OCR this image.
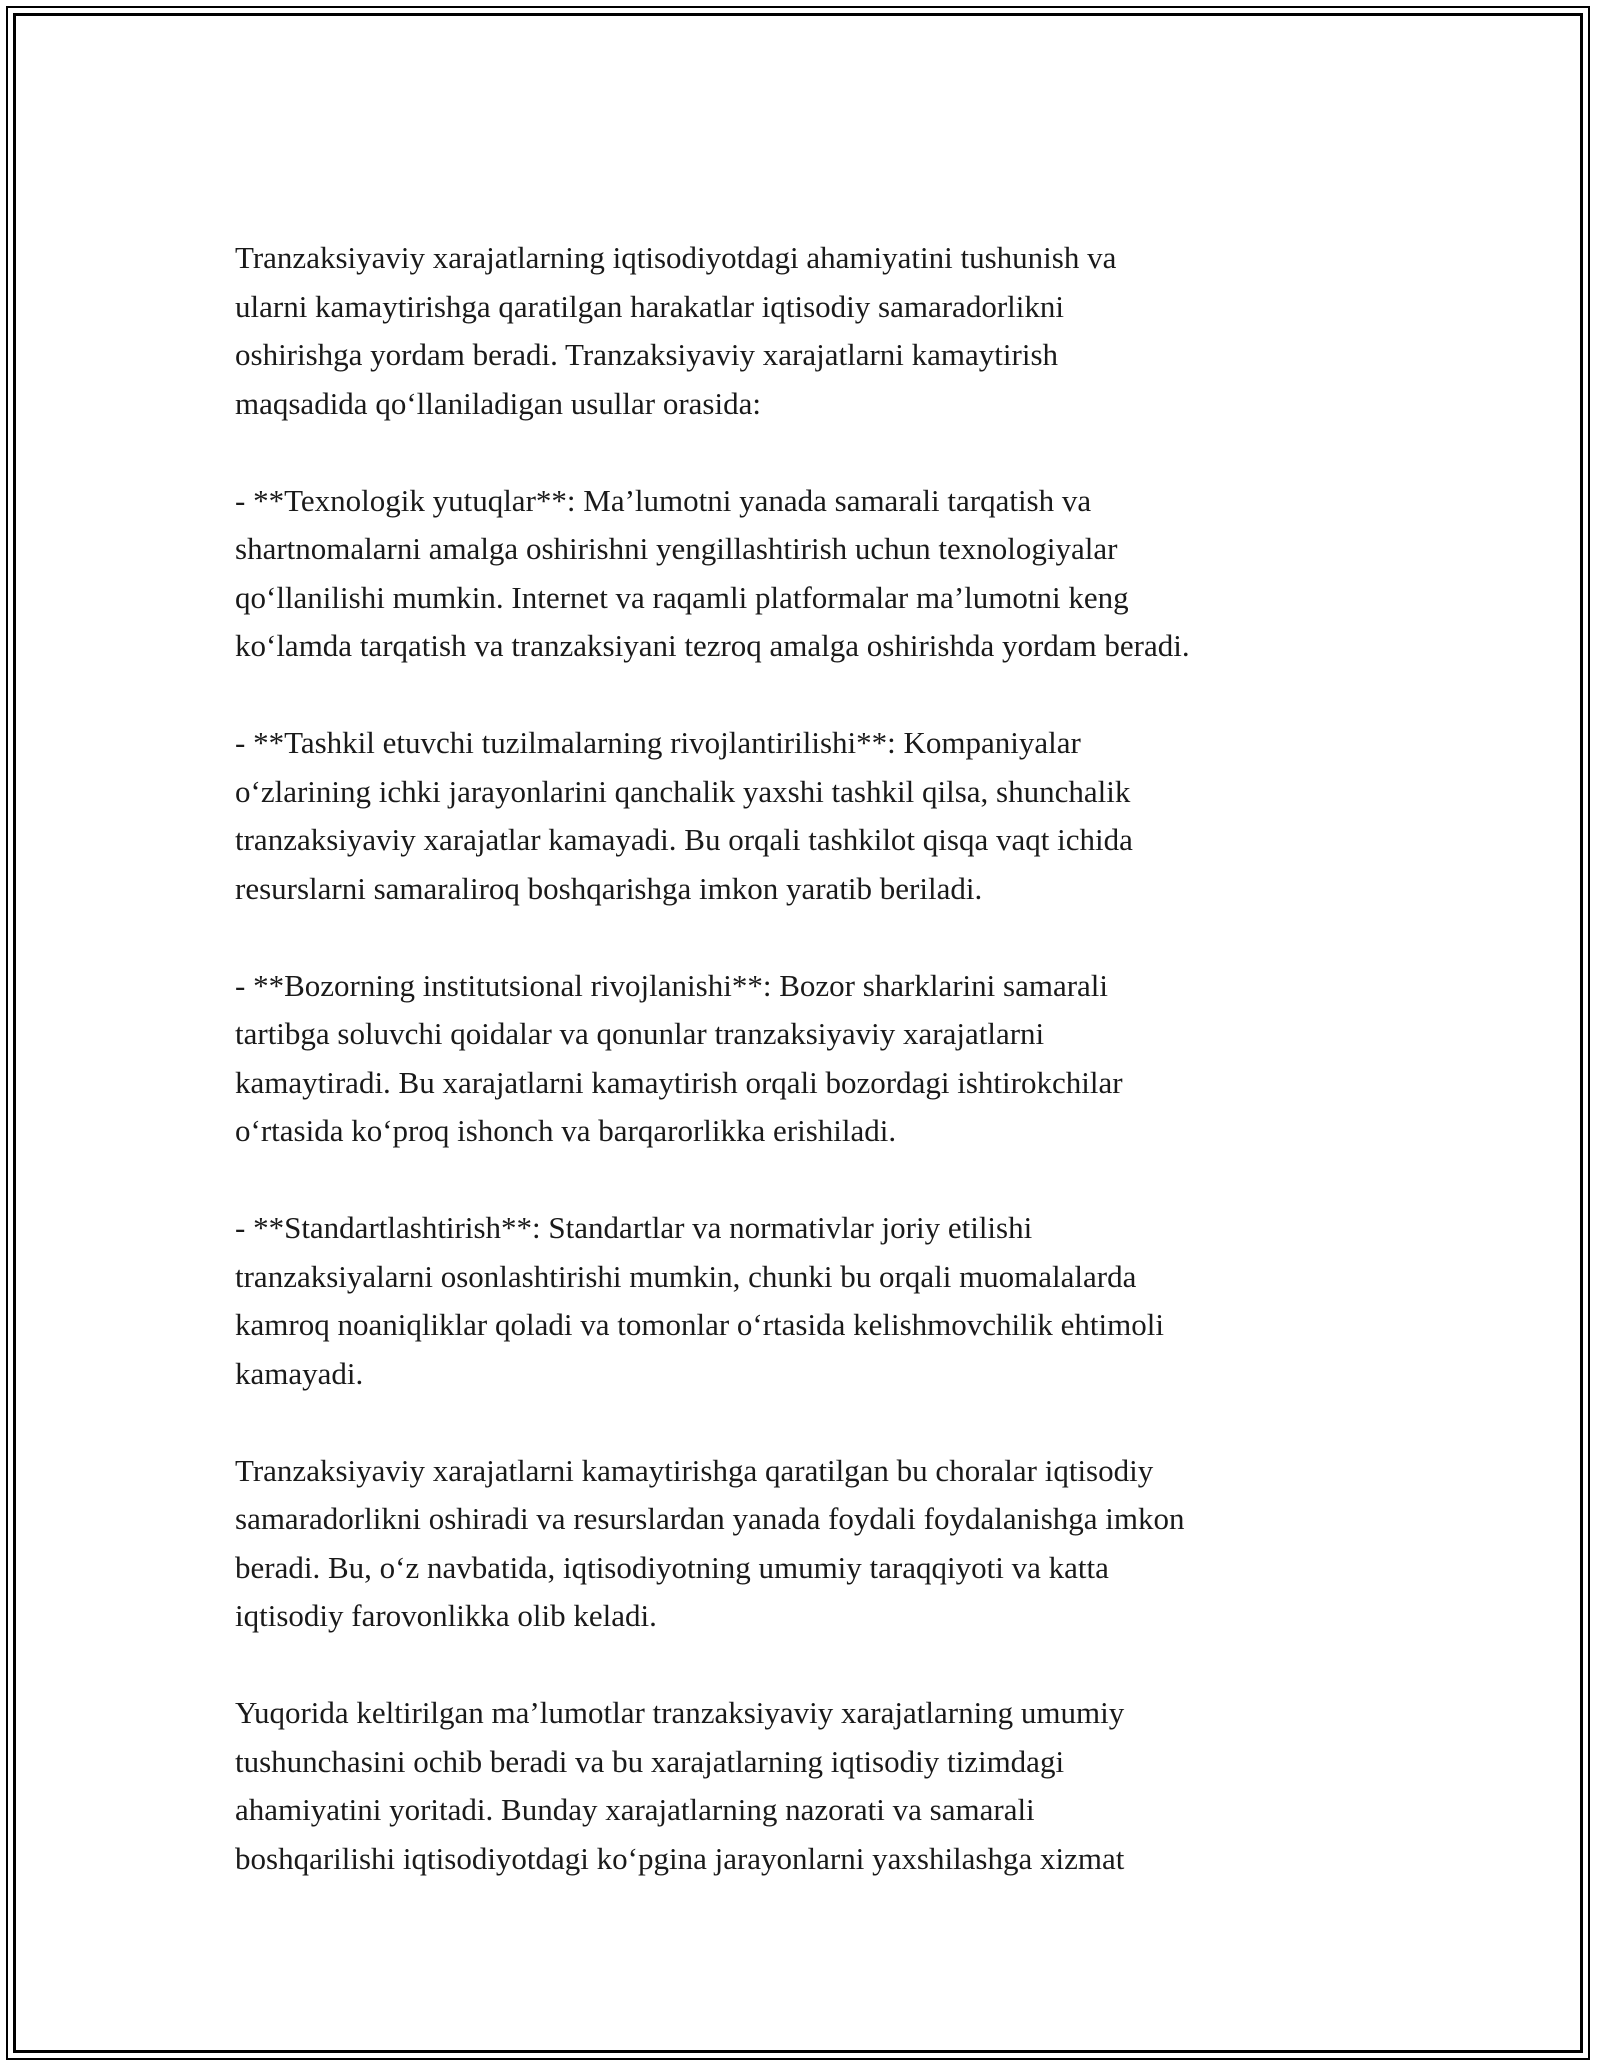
Tranzaksiyaviy xarajatlarning iqtisodiyotdagi ahamiyatini tushunish va
ularni kamaytirishga qaratilgan harakatlar iqtisodiy samaradorlikni
oshirishga yordam beradi. Tranzaksiyaviy xarajatlarni kamaytirish
maqsadida qo‘llaniladigan usullar orasida:

- **Texnologik yutuqlar**: Ma’lumotni yanada samarali tarqatish va
shartnomalarni amalga oshirishni yengillashtirish uchun texnologiyalar
qo‘llanilishi mumkin. Internet va raqamli platformalar ma’lumotni keng
ko‘lamda tarqatish va tranzaksiyani tezroq amalga oshirishda yordam beradi.

- **Tashkil etuvchi tuzilmalarning rivojlantirilishi**: Kompaniyalar
o‘zlarining ichki jarayonlarini qanchalik yaxshi tashkil qilsa, shunchalik
tranzaksiyaviy xarajatlar kamayadi. Bu orqali tashkilot qisqa vaqt ichida
resurslarni samaraliroq boshqarishga imkon yaratib beriladi.

- **Bozorning institutsional rivojlanishi**: Bozor sharklarini samarali
tartibga soluvchi qoidalar va qonunlar tranzaksiyaviy xarajatlarni
kamaytiradi. Bu xarajatlarni kamaytirish orqali bozordagi ishtirokchilar
o‘rtasida ko‘proq ishonch va barqarorlikka erishiladi.

- **Standartlashtirish**: Standartlar va normativlar joriy etilishi
tranzaksiyalarni osonlashtirishi mumkin, chunki bu orqali muomalalarda
kamroq noaniqliklar qoladi va tomonlar o‘rtasida kelishmovchilik ehtimoli
kamayadi.

Tranzaksiyaviy xarajatlarni kamaytirishga qaratilgan bu choralar iqtisodiy
samaradorlikni oshiradi va resurslardan yanada foydali foydalanishga imkon
beradi. Bu, o‘z navbatida, iqtisodiyotning umumiy taraqqiyoti va katta
iqtisodiy farovonlikka olib keladi.

Yuqorida keltirilgan ma’lumotlar tranzaksiyaviy xarajatlarning umumiy
tushunchasini ochib beradi va bu xarajatlarning iqtisodiy tizimdagi
ahamiyatini yoritadi. Bunday xarajatlarning nazorati va samarali
boshqarilishi iqtisodiyotdagi ko‘pgina jarayonlarni yaxshilashga xizmat
